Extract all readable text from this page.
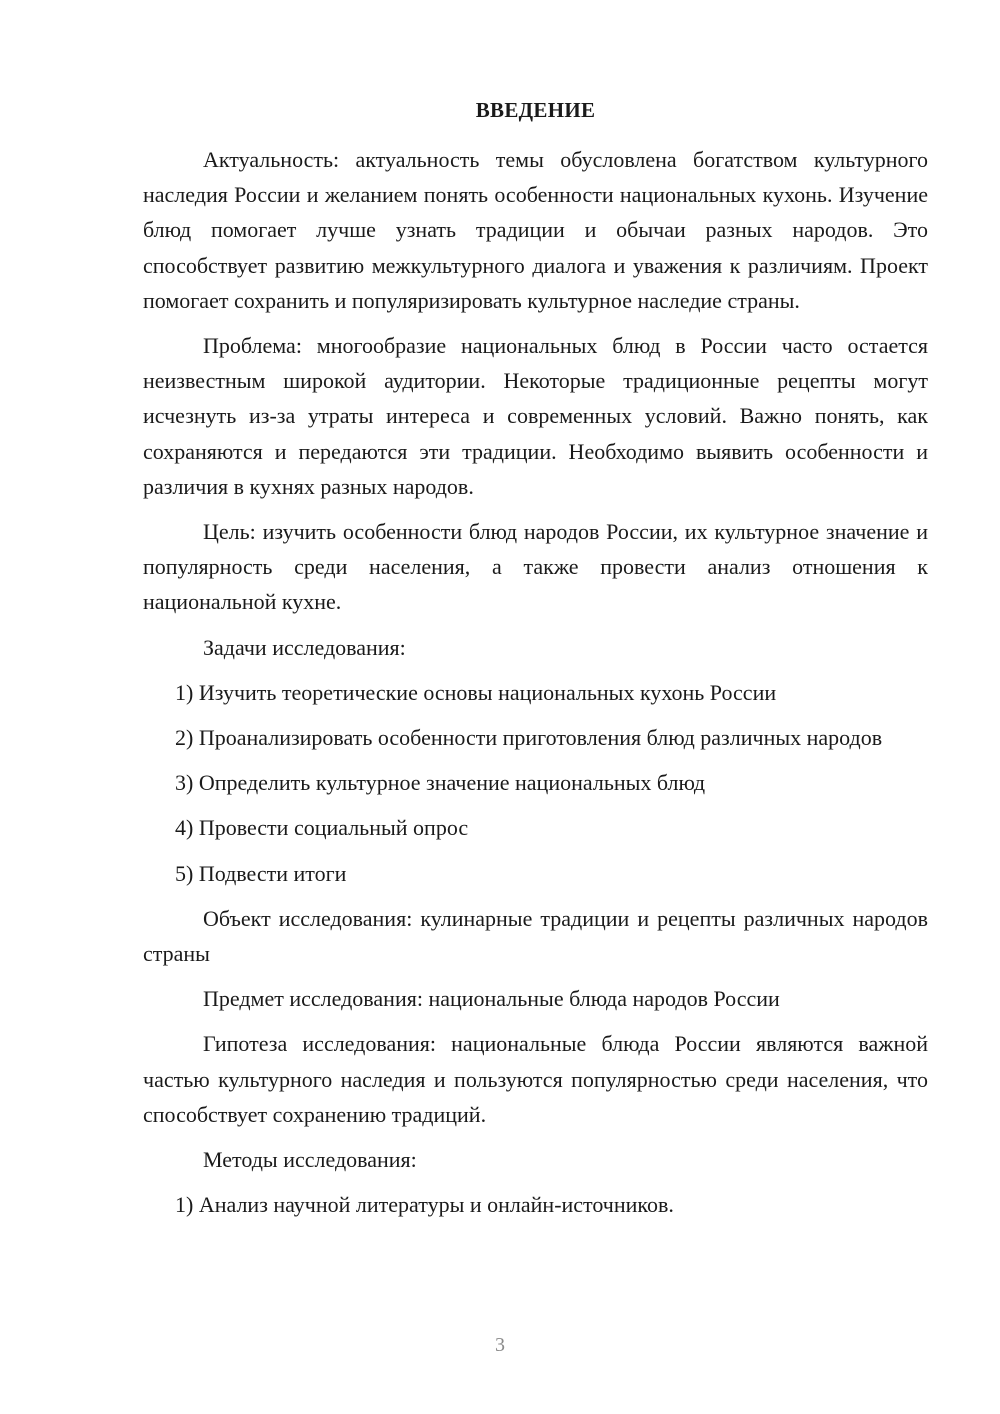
ВВЕДЕНИЕ

Актуальность: актуальность темы обусловлена богатством культурного наследия России и желанием понять особенности национальных кухонь. Изучение блюд помогает лучше узнать традиции и обычаи разных народов. Это способствует развитию межкультурного диалога и уважения к различиям. Проект помогает сохранить и популяризировать культурное наследие страны.

Проблема: многообразие национальных блюд в России часто остается неизвестным широкой аудитории. Некоторые традиционные рецепты могут исчезнуть из-за утраты интереса и современных условий. Важно понять, как сохраняются и передаются эти традиции. Необходимо выявить особенности и различия в кухнях разных народов.

Цель: изучить особенности блюд народов России, их культурное значение и популярность среди населения, а также провести анализ отношения к национальной кухне.

Задачи исследования:

1) Изучить теоретические основы национальных кухонь России

2) Проанализировать особенности приготовления блюд различных народов

3) Определить культурное значение национальных блюд

4) Провести социальный опрос

5) Подвести итоги

Объект исследования: кулинарные традиции и рецепты различных народов страны

Предмет исследования: национальные блюда народов России

Гипотеза исследования: национальные блюда России являются важной частью культурного наследия и пользуются популярностью среди населения, что способствует сохранению традиций.

Методы исследования:

1) Анализ научной литературы и онлайн-источников.

3
